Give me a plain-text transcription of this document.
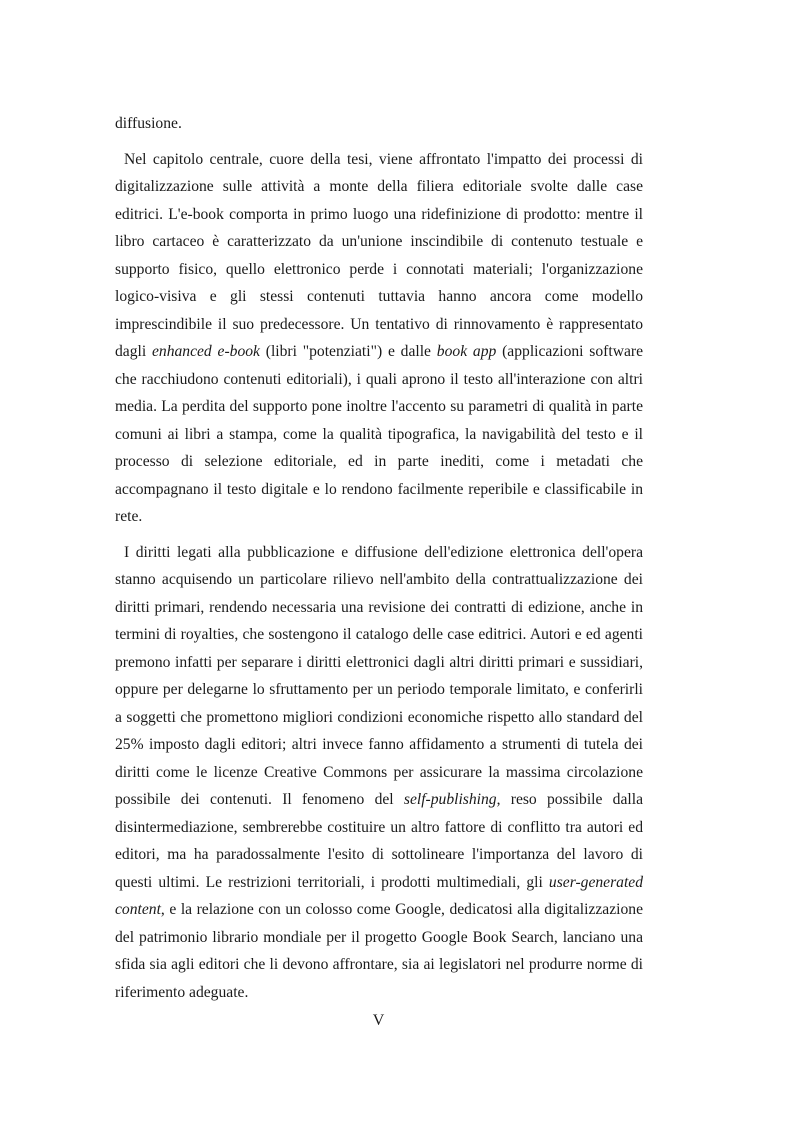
diffusione.

Nel capitolo centrale, cuore della tesi, viene affrontato l'impatto dei processi di digitalizzazione sulle attività a monte della filiera editoriale svolte dalle case editrici. L'e-book comporta in primo luogo una ridefinizione di prodotto: mentre il libro cartaceo è caratterizzato da un'unione inscindibile di contenuto testuale e supporto fisico, quello elettronico perde i connotati materiali; l'organizzazione logico-visiva e gli stessi contenuti tuttavia hanno ancora come modello imprescindibile il suo predecessore. Un tentativo di rinnovamento è rappresentato dagli enhanced e-book (libri "potenziati") e dalle book app (applicazioni software che racchiudono contenuti editoriali), i quali aprono il testo all'interazione con altri media. La perdita del supporto pone inoltre l'accento su parametri di qualità in parte comuni ai libri a stampa, come la qualità tipografica, la navigabilità del testo e il processo di selezione editoriale, ed in parte inediti, come i metadati che accompagnano il testo digitale e lo rendono facilmente reperibile e classificabile in rete.

I diritti legati alla pubblicazione e diffusione dell'edizione elettronica dell'opera stanno acquisendo un particolare rilievo nell'ambito della contrattualizzazione dei diritti primari, rendendo necessaria una revisione dei contratti di edizione, anche in termini di royalties, che sostengono il catalogo delle case editrici. Autori e ed agenti premono infatti per separare i diritti elettronici dagli altri diritti primari e sussidiari, oppure per delegarne lo sfruttamento per un periodo temporale limitato, e conferirli a soggetti che promettono migliori condizioni economiche rispetto allo standard del 25% imposto dagli editori; altri invece fanno affidamento a strumenti di tutela dei diritti come le licenze Creative Commons per assicurare la massima circolazione possibile dei contenuti. Il fenomeno del self-publishing, reso possibile dalla disintermediazione, sembrerebbe costituire un altro fattore di conflitto tra autori ed editori, ma ha paradossalmente l'esito di sottolineare l'importanza del lavoro di questi ultimi. Le restrizioni territoriali, i prodotti multimediali, gli user-generated content, e la relazione con un colosso come Google, dedicatosi alla digitalizzazione del patrimonio librario mondiale per il progetto Google Book Search, lanciano una sfida sia agli editori che li devono affrontare, sia ai legislatori nel produrre norme di riferimento adeguate.

V
